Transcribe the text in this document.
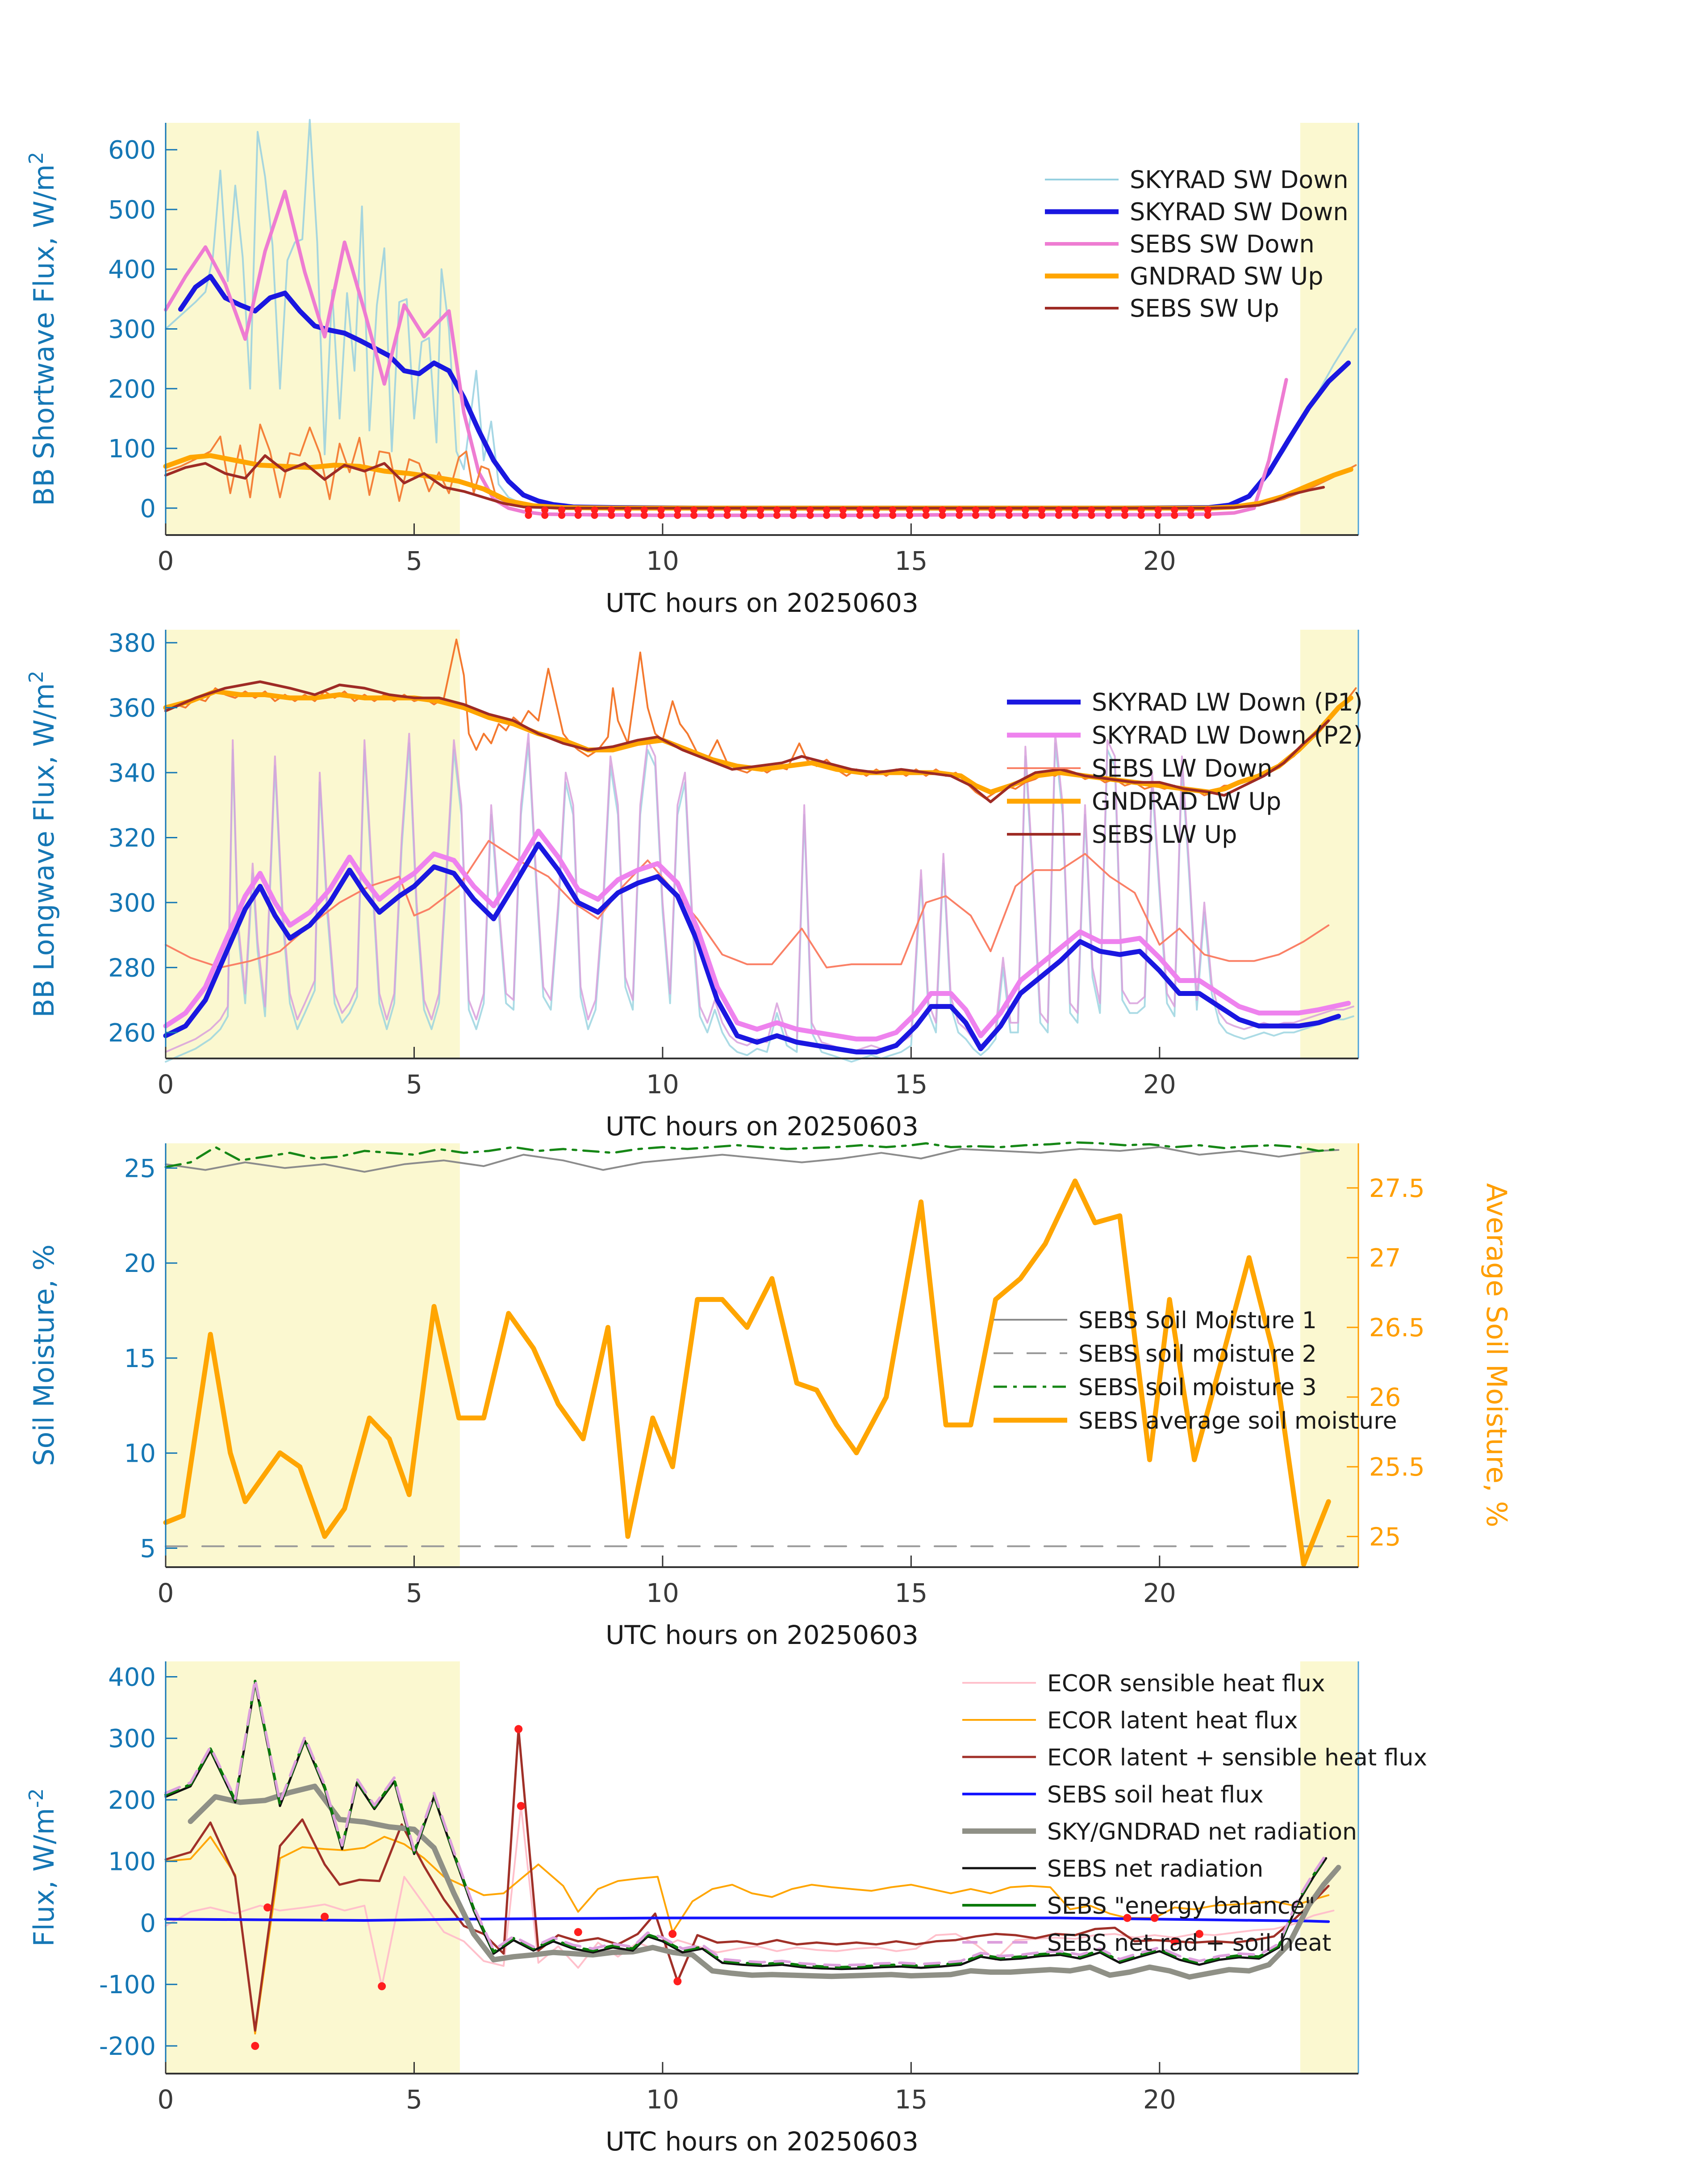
0	5	10	15	20
UTC hours on 20250603
0
100
200
300
400
500
600
BB Shortwave Flux, $W/m^2$
SKYRAD SW Down
SKYRAD SW Down
SEBS SW Down
GNDRAD SW Up
SEBS SW Up
0	5	10	15	20
UTC hours on 20250603
260
280
300
320
340
360
380
BB Longwave Flux, $W/m^2$
SKYRAD LW Down (P1)
SKYRAD LW Down (P2)
SEBS LW Down
GNDRAD LW Up
SEBS LW Up
0	5	10	15	20
UTC hours on 20250603
5
10
15
20
25
Soil Moisture, %
25
25.5
26
26.5
27
27.5 Average Soil Moisture, %
SEBS Soil Moisture 1
SEBS soil moisture 2
SEBS soil moisture 3
SEBS average soil moisture
0	5	10	15	20
UTC hours on 20250603
-200
-100
0
100
200
300
400
Flux, $W/m^{-2}$
ECOR sensible heat flux
ECOR latent heat flux
ECOR latent + sensible heat flux
SEBS soil heat flux
SKY/GNDRAD net radiation
SEBS net radiation
SEBS "energy balance"
SEBS net rad + soil heat
